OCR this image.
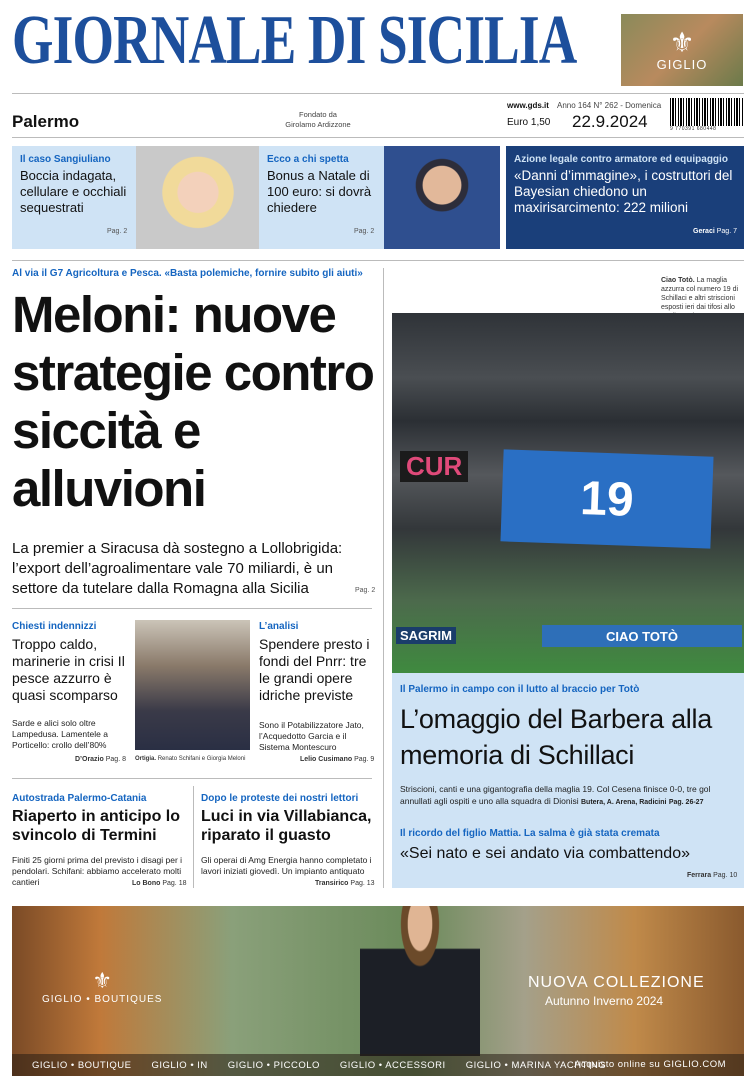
GIORNALE DI SICILIA	⚜
GIGLIO
Palermo	Fondato da Girolamo Ardizzone
www.gds.it
Euro 1,50
Anno 164 N° 262 - Domenica
22.9.2024	9 770391 680448
Il caso Sangiuliano
Boccia indagata, cellulare e occhiali sequestrati
Pag. 2
Ecco a chi spetta
Bonus a Natale di 100 euro: si dovrà chiedere
Pag. 2
Azione legale contro armatore ed equipaggio
«Danni d’immagine», i costruttori del Bayesian chiedono un maxirisarcimento: 222 milioni
Geraci Pag. 7
Al via il G7 Agricoltura e Pesca. «Basta polemiche, fornire subito gli aiuti»
Meloni: nuove strategie contro siccità e alluvioni
La premier a Siracusa dà sostegno a Lollobrigida: l’export dell’agroalimentare vale 70 miliardi, è un settore da tutelare dalla Romagna alla Sicilia	Pag. 2
Chiesti indennizzi
Troppo caldo, marinerie in crisi Il pesce azzurro è quasi scomparso
Sarde e alici solo oltre Lampedusa. Lamentele a Porticello: crollo dell’80%
D’Orazio Pag. 8 Ortigia. Renato Schifani e Giorgia Meloni
L’analisi
Spendere presto i fondi del Pnrr: tre le grandi opere idriche previste
Sono il Potabilizzatore Jato, l’Acquedotto Garcia e il Sistema Montescuro
Lelio Cusimano Pag. 9
Autostrada Palermo-Catania
Riaperto in anticipo lo svincolo di Termini
Finiti 25 giorni prima del previsto i disagi per i pendolari. Schifani: abbiamo accelerato molti cantieri	Lo Bono Pag. 18
Dopo le proteste dei nostri lettori
Luci in via Villabianca, riparato il guasto
Gli operai di Amg Energia hanno completato i lavori iniziati giovedì. Un impianto antiquato
Transirico Pag. 13
Ciao Totò. La maglia azzurra col numero 19 di Schillaci e altri striscioni esposti ieri dai tifosi allo
CUR
19
SAGRIM	CIAO TOTÒ
Il Palermo in campo con il lutto al braccio per Totò
L’omaggio del Barbera alla memoria di Schillaci
Striscioni, canti e una gigantografia della maglia 19. Col Cesena finisce 0-0, tre gol annullati agli ospiti e uno alla squadra di Dionisi Butera, A. Arena, Radicini Pag. 26-27
Il ricordo del figlio Mattia. La salma è già stata cremata
«Sei nato e sei andato via combattendo»
Ferrara Pag. 10
⚜
GIGLIO • BOUTIQUES
NUOVA COLLEZIONE
Autunno Inverno 2024
GIGLIO • BOUTIQUE GIGLIO • IN GIGLIO • PICCOLO GIGLIO • ACCESSORI GIGLIO • MARINA YACHTING
Acquisto online su GIGLIO.COM
